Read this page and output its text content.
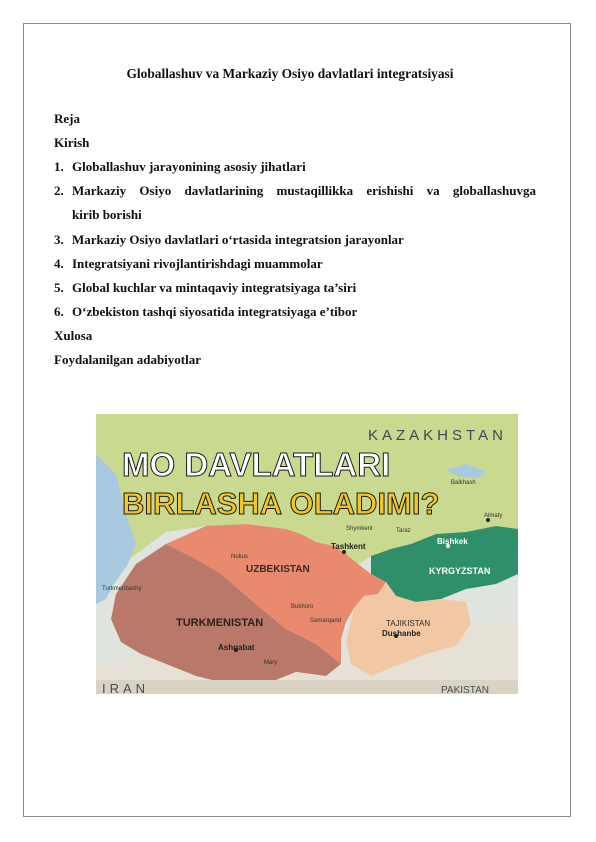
Globallashuv va Markaziy Osiyo davlatlari integratsiyasi
Reja
Kirish
1. Globallashuv jarayonining asosiy jihatlari
2. Markaziy Osiyo davlatlarining mustaqillikka erishishi va globallashuvga
kirib borishi
3. Markaziy Osiyo davlatlari o‘rtasida integratsion jarayonlar
4. Integratsiyani rivojlantirishdagi muammolar
5. Global kuchlar va mintaqaviy integratsiyaga ta’siri
6. O‘zbekiston tashqi siyosatida integratsiyaga e’tibor
Xulosa
Foydalanilgan adabiyotlar
KAZAKHSTAN
UZBEKISTAN
TURKMENISTAN
KYRGYZSTAN
TAJIKISTAN
IRAN	PAKISTAN
Tashkent
Bishkek
Dushanbe
Ashgabat
Almaty
Nukus
Shymkent
Samarqand
Bukhoro
Balkhash
Taraz
Mary
Turkmenbashy
MO DAVLATLARI
BIRLASHA OLADIMI?
